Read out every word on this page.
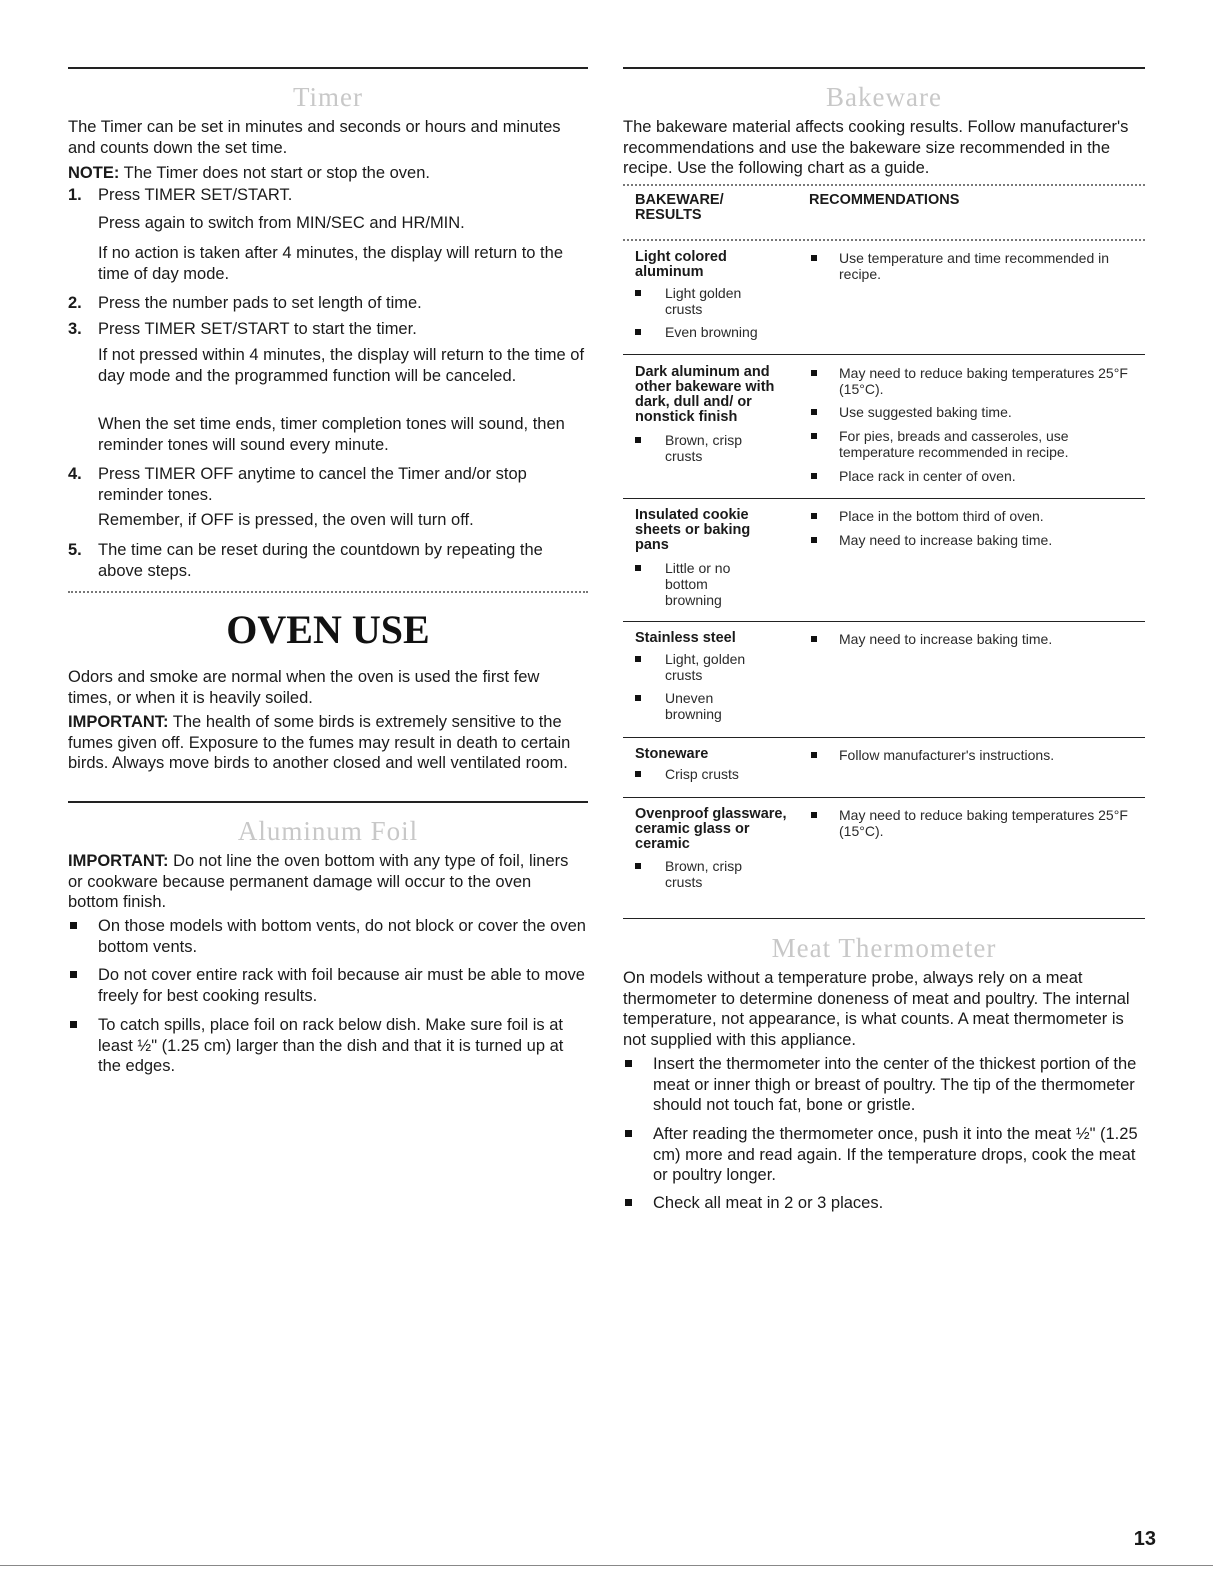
Timer

The Timer can be set in minutes and seconds or hours and minutes and counts down the set time.

NOTE: The Timer does not start or stop the oven.

1. Press TIMER SET/START.

Press again to switch from MIN/SEC and HR/MIN.

If no action is taken after 4 minutes, the display will return to the time of day mode.

2. Press the number pads to set length of time.

3. Press TIMER SET/START to start the timer.

If not pressed within 4 minutes, the display will return to the time of day mode and the programmed function will be canceled.

When the set time ends, timer completion tones will sound, then reminder tones will sound every minute.

4. Press TIMER OFF anytime to cancel the Timer and/or stop reminder tones.

Remember, if OFF is pressed, the oven will turn off.

5. The time can be reset during the countdown by repeating the above steps.

OVEN USE

Odors and smoke are normal when the oven is used the first few times, or when it is heavily soiled.

IMPORTANT: The health of some birds is extremely sensitive to the fumes given off. Exposure to the fumes may result in death to certain birds. Always move birds to another closed and well ventilated room.

Aluminum Foil

IMPORTANT: Do not line the oven bottom with any type of foil, liners or cookware because permanent damage will occur to the oven bottom finish.

On those models with bottom vents, do not block or cover the oven bottom vents.

Do not cover entire rack with foil because air must be able to move freely for best cooking results.

To catch spills, place foil on rack below dish. Make sure foil is at least ½" (1.25 cm) larger than the dish and that it is turned up at the edges.

Bakeware

The bakeware material affects cooking results. Follow manufacturer's recommendations and use the bakeware size recommended in the recipe. Use the following chart as a guide.

BAKEWARE/ RESULTS
RECOMMENDATIONS
Light colored aluminum
Light golden crusts
Even browning
Use temperature and time recommended in recipe.
Dark aluminum and other bakeware with dark, dull and/ or nonstick finish
Brown, crisp crusts
May need to reduce baking temperatures 25°F (15°C).
Use suggested baking time.
For pies, breads and casseroles, use temperature recommended in recipe.
Place rack in center of oven.
Insulated cookie sheets or baking pans
Little or no bottom browning
Place in the bottom third of oven.
May need to increase baking time.
Stainless steel
Light, golden crusts
Uneven browning
May need to increase baking time.
Stoneware
Crisp crusts
Follow manufacturer's instructions.
Ovenproof glassware, ceramic glass or ceramic
Brown, crisp crusts
May need to reduce baking temperatures 25°F (15°C).
Meat Thermometer

On models without a temperature probe, always rely on a meat thermometer to determine doneness of meat and poultry. The internal temperature, not appearance, is what counts. A meat thermometer is not supplied with this appliance.

Insert the thermometer into the center of the thickest portion of the meat or inner thigh or breast of poultry. The tip of the thermometer should not touch fat, bone or gristle.

After reading the thermometer once, push it into the meat ½" (1.25 cm) more and read again. If the temperature drops, cook the meat or poultry longer.

Check all meat in 2 or 3 places.

13
